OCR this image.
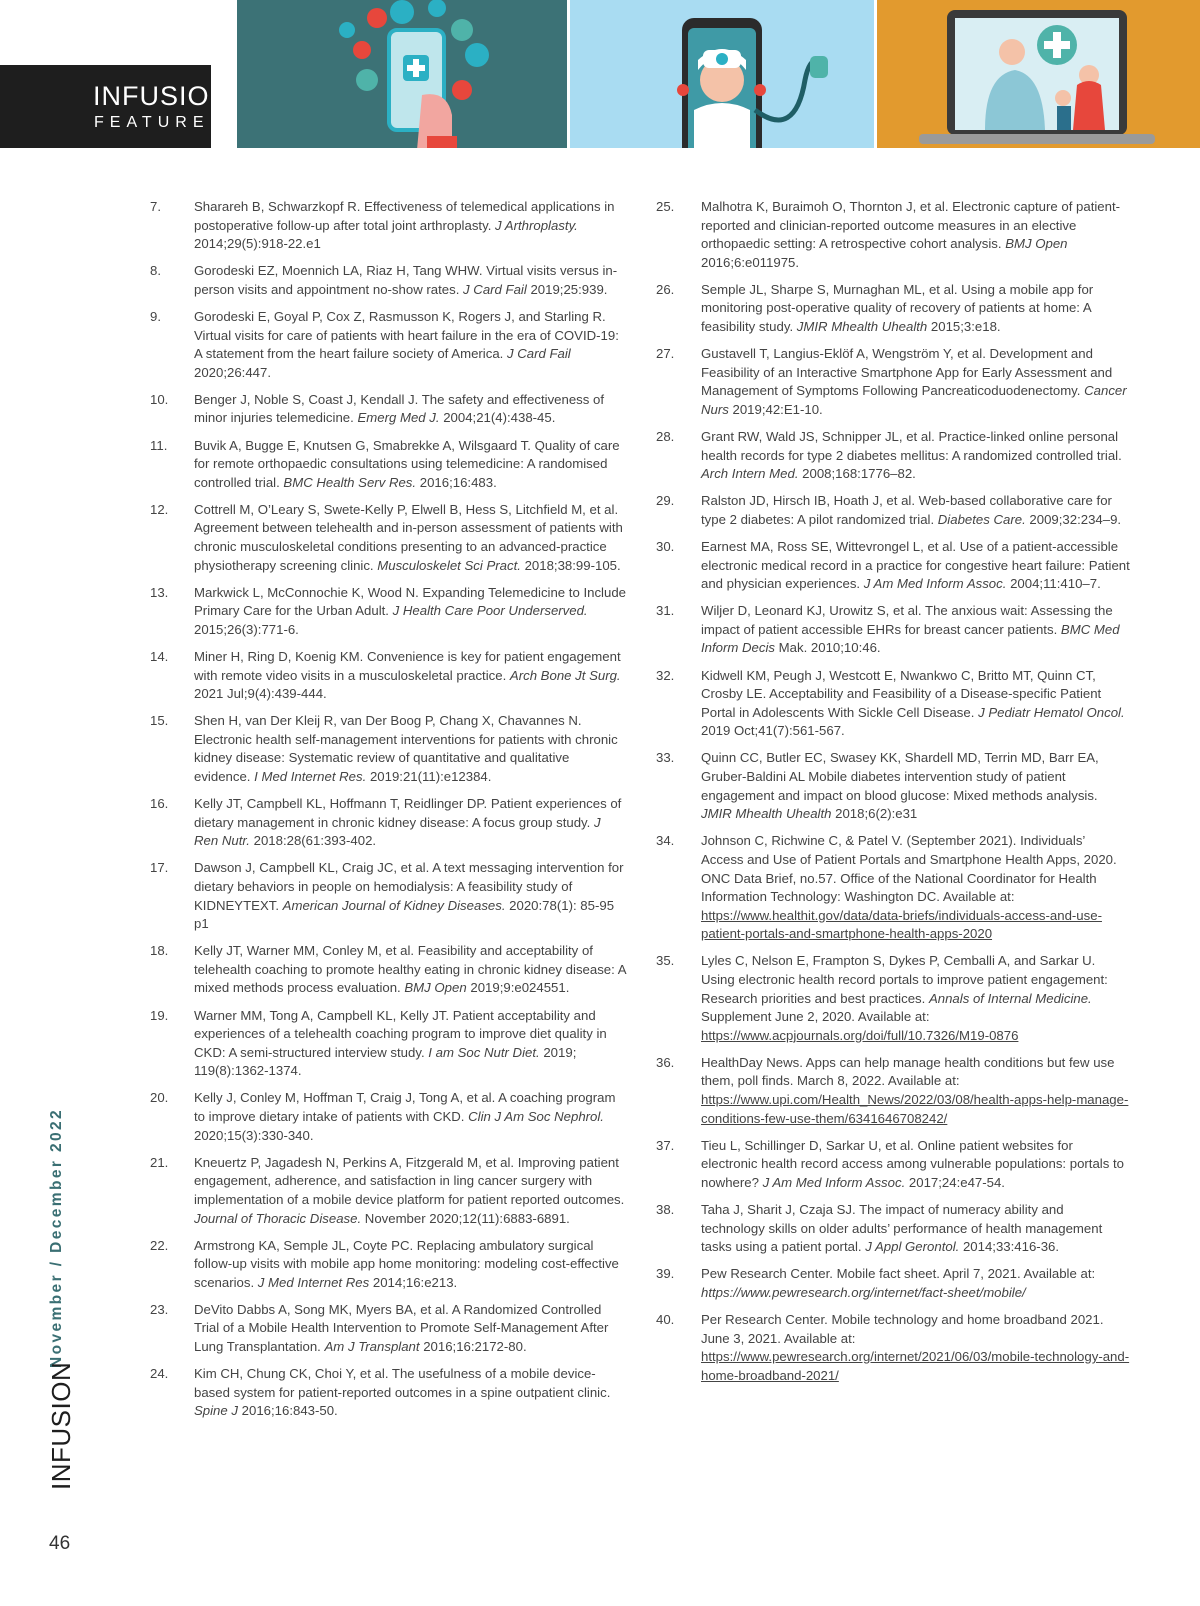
INFUSION
FEATURE
7.	Sharareh B, Schwarzkopf R. Effectiveness of telemedical applications in postoperative follow-up after total joint arthroplasty. J Arthroplasty. 2014;29(5):918-22.e1
8.	Gorodeski EZ, Moennich LA, Riaz H, Tang WHW. Virtual visits versus in-person visits and appointment no-show rates. J Card Fail 2019;25:939.
9.	Gorodeski E, Goyal P, Cox Z, Rasmusson K, Rogers J, and Starling R. Virtual visits for care of patients with heart failure in the era of COVID-19: A statement from the heart failure society of America. J Card Fail 2020;26:447.
10.	Benger J, Noble S, Coast J, Kendall J. The safety and effectiveness of minor injuries telemedicine. Emerg Med J. 2004;21(4):438-45.
11.	Buvik A, Bugge E, Knutsen G, Smabrekke A, Wilsgaard T. Quality of care for remote orthopaedic consultations using telemedicine: A randomised controlled trial. BMC Health Serv Res. 2016;16:483.
12.	Cottrell M, O’Leary S, Swete-Kelly P, Elwell B, Hess S, Litchfield M, et al. Agreement between telehealth and in-person assessment of patients with chronic musculoskeletal conditions presenting to an advanced-practice physiotherapy screening clinic. Musculoskelet Sci Pract. 2018;38:99-105.
13.	Markwick L, McConnochie K, Wood N. Expanding Telemedicine to Include Primary Care for the Urban Adult. J Health Care Poor Underserved. 2015;26(3):771-6.
14.	Miner H, Ring D, Koenig KM. Convenience is key for patient engagement with remote video visits in a musculoskeletal practice. Arch Bone Jt Surg. 2021 Jul;9(4):439-444.
15.	Shen H, van Der Kleij R, van Der Boog P, Chang X, Chavannes N. Electronic health self-management interventions for patients with chronic kidney disease: Systematic review of quantitative and qualitative evidence. I Med Internet Res. 2019:21(11):e12384.
16.	Kelly JT, Campbell KL, Hoffmann T, Reidlinger DP. Patient experiences of dietary management in chronic kidney disease: A focus group study. J Ren Nutr. 2018:28(61:393-402.
17.	Dawson J, Campbell KL, Craig JC, et al. A text messaging intervention for dietary behaviors in people on hemodialysis: A feasibility study of KIDNEYTEXT. American Journal of Kidney Diseases. 2020:78(1): 85-95 p1
18.	Kelly JT, Warner MM, Conley M, et al. Feasibility and acceptability of telehealth coaching to promote healthy eating in chronic kidney disease: A mixed methods process evaluation. BMJ Open 2019;9:e024551.
19.	Warner MM, Tong A, Campbell KL, Kelly JT. Patient acceptability and experiences of a telehealth coaching program to improve diet quality in CKD: A semi-structured interview study. I am Soc Nutr Diet. 2019; 119(8):1362-1374.
20.	Kelly J, Conley M, Hoffman T, Craig J, Tong A, et al. A coaching program to improve dietary intake of patients with CKD. Clin J Am Soc Nephrol. 2020;15(3):330-340.
21.	Kneuertz P, Jagadesh N, Perkins A, Fitzgerald M, et al. Improving patient engagement, adherence, and satisfaction in ling cancer surgery with implementation of a mobile device platform for patient reported outcomes. Journal of Thoracic Disease. November 2020;12(11):6883-6891.
22.	Armstrong KA, Semple JL, Coyte PC. Replacing ambulatory surgical follow-up visits with mobile app home monitoring: modeling cost-effective scenarios. J Med Internet Res 2014;16:e213.
23.	DeVito Dabbs A, Song MK, Myers BA, et al. A Randomized Controlled Trial of a Mobile Health Intervention to Promote Self-Management After Lung Transplantation. Am J Transplant 2016;16:2172-80.
24.	Kim CH, Chung CK, Choi Y, et al. The usefulness of a mobile device-based system for patient-reported outcomes in a spine outpatient clinic. Spine J 2016;16:843-50.
25.	Malhotra K, Buraimoh O, Thornton J, et al. Electronic capture of patient-reported and clinician-reported outcome measures in an elective orthopaedic setting: A retrospective cohort analysis. BMJ Open 2016;6:e011975.
26.	Semple JL, Sharpe S, Murnaghan ML, et al. Using a mobile app for monitoring post-operative quality of recovery of patients at home: A feasibility study. JMIR Mhealth Uhealth 2015;3:e18.
27.	Gustavell T, Langius-Eklöf A, Wengström Y, et al. Development and Feasibility of an Interactive Smartphone App for Early Assessment and Management of Symptoms Following Pancreaticoduodenectomy. Cancer Nurs 2019;42:E1-10.
28.	Grant RW, Wald JS, Schnipper JL, et al. Practice-linked online personal health records for type 2 diabetes mellitus: A randomized controlled trial. Arch Intern Med. 2008;168:1776–82.
29.	Ralston JD, Hirsch IB, Hoath J, et al. Web-based collaborative care for type 2 diabetes: A pilot randomized trial. Diabetes Care. 2009;32:234–9.
30.	Earnest MA, Ross SE, Wittevrongel L, et al. Use of a patient-accessible electronic medical record in a practice for congestive heart failure: Patient and physician experiences. J Am Med Inform Assoc. 2004;11:410–7.
31.	Wiljer D, Leonard KJ, Urowitz S, et al. The anxious wait: Assessing the impact of patient accessible EHRs for breast cancer patients. BMC Med Inform Decis Mak. 2010;10:46.
32.	Kidwell KM, Peugh J, Westcott E, Nwankwo C, Britto MT, Quinn CT, Crosby LE. Acceptability and Feasibility of a Disease-specific Patient Portal in Adolescents With Sickle Cell Disease. J Pediatr Hematol Oncol. 2019 Oct;41(7):561-567.
33.	Quinn CC, Butler EC, Swasey KK, Shardell MD, Terrin MD, Barr EA, Gruber-Baldini AL Mobile diabetes intervention study of patient engagement and impact on blood glucose: Mixed methods analysis. JMIR Mhealth Uhealth 2018;6(2):e31
34.	Johnson C, Richwine C, & Patel V. (September 2021). Individuals’ Access and Use of Patient Portals and Smartphone Health Apps, 2020. ONC Data Brief, no.57. Office of the National Coordinator for Health Information Technology: Washington DC. Available at: https://www.healthit.gov/data/data-briefs/individuals-access-and-use-patient-portals-and-smartphone-health-apps-2020
35.	Lyles C, Nelson E, Frampton S, Dykes P, Cemballi A, and Sarkar U. Using electronic health record portals to improve patient engagement: Research priorities and best practices. Annals of Internal Medicine. Supplement June 2, 2020. Available at: https://www.acpjournals.org/doi/full/10.7326/M19-0876
36.	HealthDay News. Apps can help manage health conditions but few use them, poll finds. March 8, 2022. Available at: https://www.upi.com/Health_News/2022/03/08/health-apps-help-manage-conditions-few-use-them/6341646708242/
37.	Tieu L, Schillinger D, Sarkar U, et al. Online patient websites for electronic health record access among vulnerable populations: portals to nowhere? J Am Med Inform Assoc. 2017;24:e47-54.
38.	Taha J, Sharit J, Czaja SJ. The impact of numeracy ability and technology skills on older adults’ performance of health management tasks using a patient portal. J Appl Gerontol. 2014;33:416-36.
39.	Pew Research Center. Mobile fact sheet. April 7, 2021. Available at: https://www.pewresearch.org/internet/fact-sheet/mobile/
40.	Per Research Center. Mobile technology and home broadband 2021. June 3, 2021. Available at: https://www.pewresearch.org/internet/2021/06/03/mobile-technology-and-home-broadband-2021/
November / December 2022
INFUSION
46
